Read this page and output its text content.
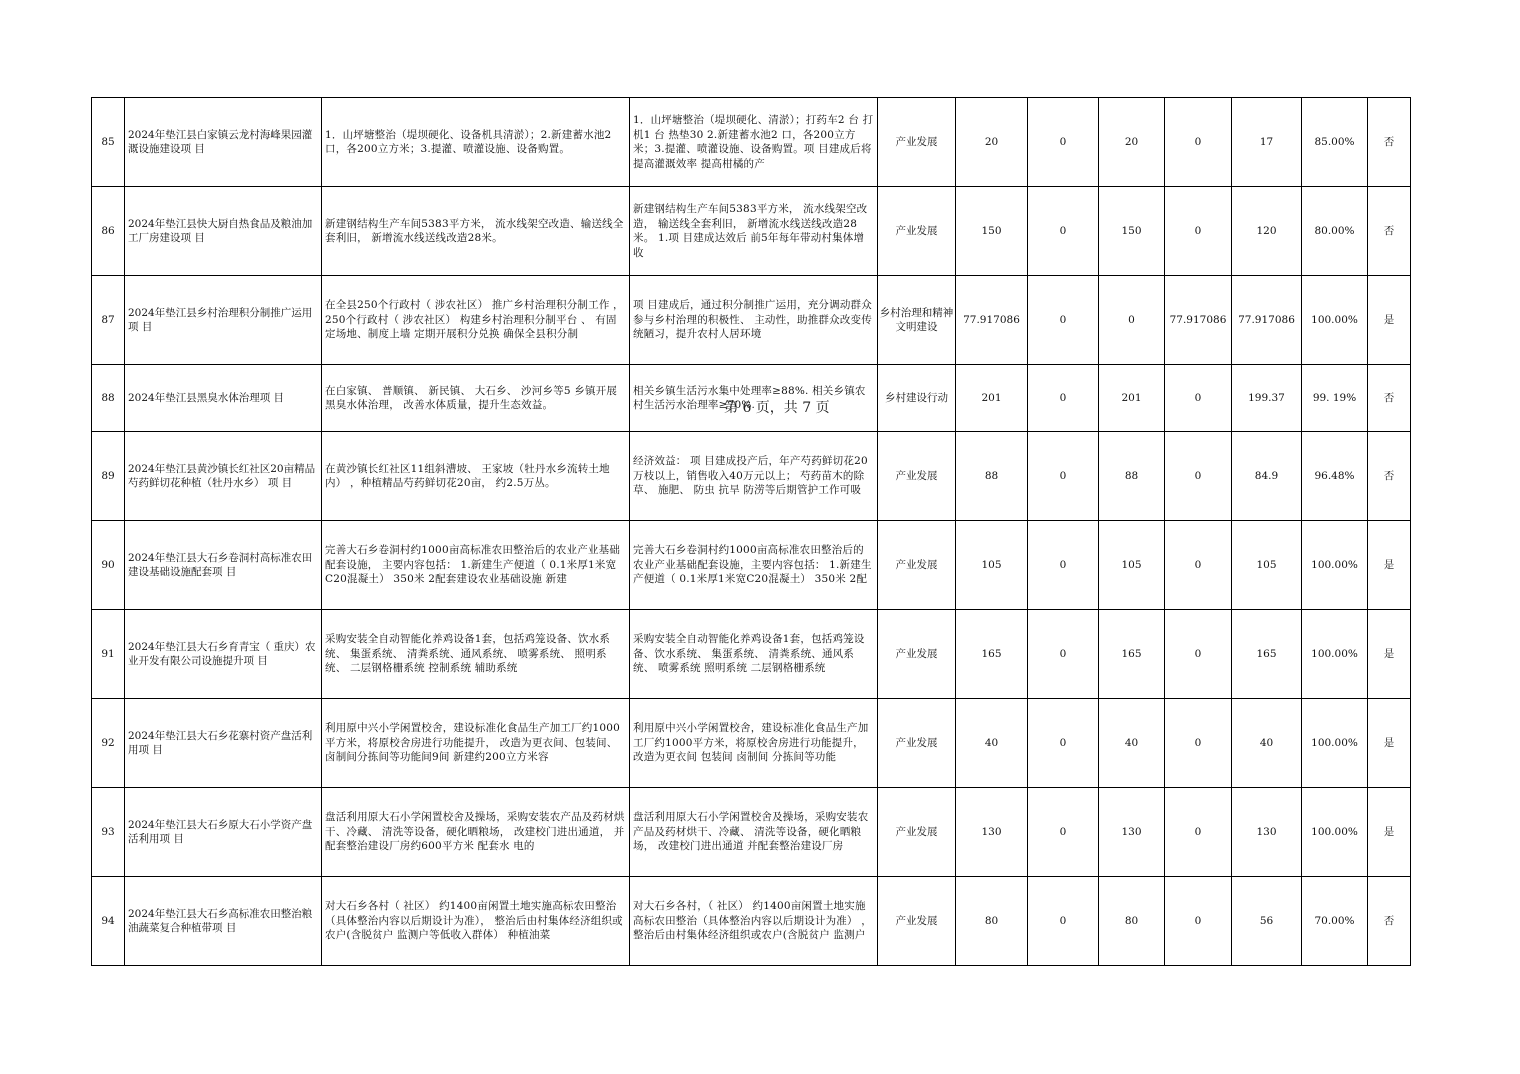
85	2024年垫江县白家镇云龙村海峰果园灌溉设施建设项 目	1．山坪塘整治（堤坝硬化、设备机具清淤）；2.新建蓄水池2 口，各200立方米；3.提灌、喷灌设施、设备购置。	1．山坪塘整治（堤坝硬化、清淤）；打药车2 台 打 机1 台 热垫30 2.新建蓄水池2 口，各200立方米；3.提灌、喷灌设施、设备购置。项 目建成后将提高灌溉效率 提高柑橘的产	产业发展	20	0	20	0	17	85.00%	否

86	2024年垫江县快大厨自热食品及粮油加工厂房建设项 目	新建钢结构生产车间5383平方米， 流水线架空改造、输送线全套利旧， 新增流水线送线改造28米。	新建钢结构生产车间5383平方米， 流水线架空改造， 输送线全套利旧， 新增流水线送线改造28米。 1.项 目建成达效后 前5年每年带动村集体增收	产业发展	150	0	150	0	120	80.00%	否

87	2024年垫江县乡村治理积分制推广运用项 目	在全县250个行政村（ 涉农社区） 推广乡村治理积分制工作 ，250个行政村（ 涉农社区） 构建乡村治理积分制平台 、 有固定场地、制度上墙 定期开展积分兑换 确保全县积分制	项 目建成后，通过积分制推广运用，充分调动群众参与乡村治理的积极性、 主动性，助推群众改变传统陋习，提升农村人居环境	乡村治理和精神文明建设	77.917086	0	0	77.917086	77.917086	100.00%	是

88	2024年垫江县黑臭水体治理项 目	在白家镇、 普顺镇、 新民镇、 大石乡、 沙河乡等5 乡镇开展黑臭水体治理， 改善水体质量，提升生态效益。	相关乡镇生活污水集中处理率≥88%. 相关乡镇农村生活污水治理率≥70%.	乡村建设行动	201	0	201	0	199.37	99. 19%	否

89	2024年垫江县黄沙镇长红社区20亩精品芍药鲜切花种植（牡丹水乡） 项 目	在黄沙镇长红社区11组斜漕坡、 王家坡（牡丹水乡流转土地内） ，种植精品芍药鲜切花20亩， 约2.5万丛。	经济效益： 项 目建成投产后，年产芍药鲜切花20万枝以上，销售收入40万元以上； 芍药苗木的除草、 施肥、 防虫 抗旱 防涝等后期管护工作可吸	产业发展	88	0	88	0	84.9	96.48%	否

90	2024年垫江县大石乡卷洞村高标准农田建设基础设施配套项 目	完善大石乡卷洞村约1000亩高标准农田整治后的农业产业基础配套设施， 主要内容包括： 1.新建生产便道（ 0.1米厚1米宽C20混凝土） 350米 2配套建设农业基础设施 新建	完善大石乡卷洞村约1000亩高标准农田整治后的农业产业基础配套设施，主要内容包括： 1.新建生产便道（ 0.1米厚1米宽C20混凝土） 350米 2配	产业发展	105	0	105	0	105	100.00%	是

91	2024年垫江县大石乡育青宝（ 重庆）农业开发有限公司设施提升项 目	采购安装全自动智能化养鸡设备1套，包括鸡笼设备、饮水系统、 集蛋系统、 清粪系统、通风系统、 喷雾系统、 照明系统、 二层钢格栅系统 控制系统 辅助系统	采购安装全自动智能化养鸡设备1套，包括鸡笼设备、饮水系统、 集蛋系统、 清粪系统、通风系统、 喷雾系统 照明系统 二层钢格栅系统	产业发展	165	0	165	0	165	100.00%	是

92	2024年垫江县大石乡花寨村资产盘活利用项 目	利用原中兴小学闲置校舍，建设标准化食品生产加工厂约1000平方米，将原校舍房进行功能提升， 改造为更衣间、包装间、 卤制间分拣间等功能间9间 新建约200立方米容	利用原中兴小学闲置校舍，建设标准化食品生产加工厂约1000平方米，将原校舍房进行功能提升， 改造为更衣间 包装间 卤制间 分拣间等功能	产业发展	40	0	40	0	40	100.00%	是

93	2024年垫江县大石乡原大石小学资产盘活利用项 目	盘活利用原大石小学闲置校舍及操场，采购安装农产品及药材烘干、冷藏、 清洗等设备，硬化晒粮场， 改建校门进出通道， 并配套整治建设厂房约600平方米 配套水 电的	盘活利用原大石小学闲置校舍及操场，采购安装农产品及药材烘干、冷藏、 清洗等设备，硬化晒粮场， 改建校门进出通道 并配套整治建设厂房	产业发展	130	0	130	0	130	100.00%	是

94	2024年垫江县大石乡高标准农田整治粮油蔬菜复合种植带项 目	对大石乡各村（ 社区） 约1400亩闲置土地实施高标农田整治（具体整治内容以后期设计为准）， 整治后由村集体经济组织或农户(含脱贫户 监测户等低收入群体） 种植油菜	对大石乡各村，（ 社区） 约1400亩闲置土地实施高标农田整治（具体整治内容以后期设计为准） ，整治后由村集体经济组织或农户(含脱贫户 监测户	产业发展	80	0	80	0	56	70.00%	否
第 6 页，共 7 页
